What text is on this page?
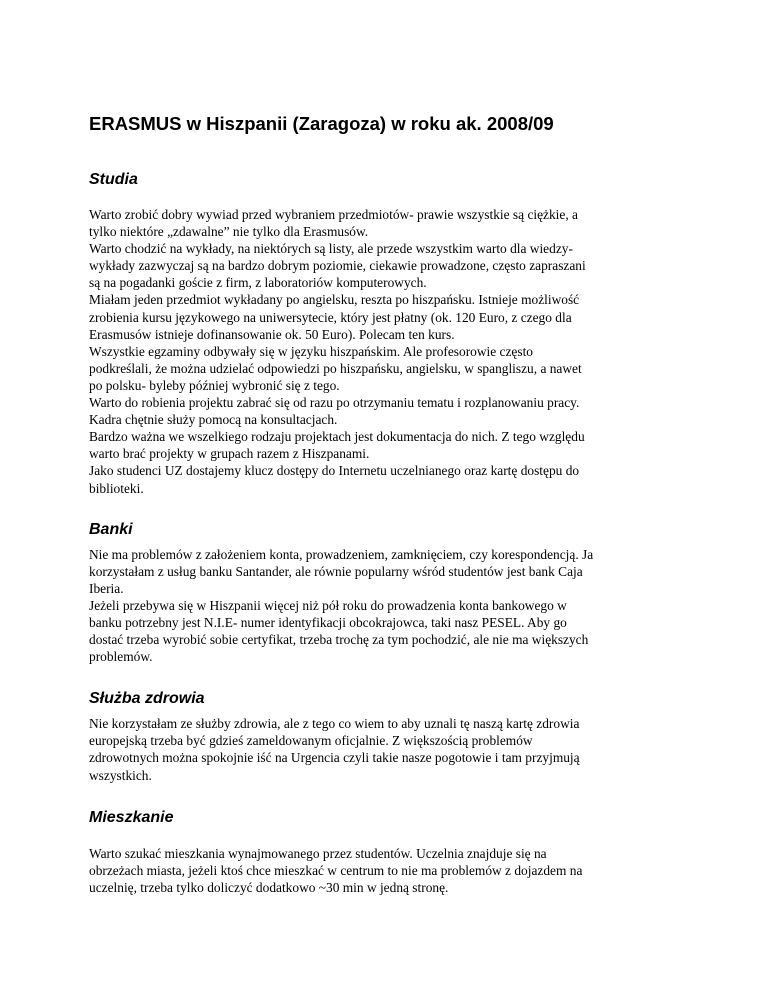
ERASMUS w Hiszpanii (Zaragoza) w roku ak. 2008/09
Studia

Warto zrobić dobry wywiad przed wybraniem przedmiotów- prawie wszystkie są ciężkie, a
tylko niektóre „zdawalne” nie tylko dla Erasmusów.
Warto chodzić na wykłady, na niektórych są listy, ale przede wszystkim warto dla wiedzy-
wykłady zazwyczaj są na bardzo dobrym poziomie, ciekawie prowadzone, często zapraszani
są na pogadanki goście z firm, z laboratoriów komputerowych.
Miałam jeden przedmiot wykładany po angielsku, reszta po hiszpańsku. Istnieje możliwość
zrobienia kursu językowego na uniwersytecie, który jest płatny (ok. 120 Euro, z czego dla
Erasmusów istnieje dofinansowanie ok. 50 Euro). Polecam ten kurs.
Wszystkie egzaminy odbywały się w języku hiszpańskim. Ale profesorowie często
podkreślali, że można udzielać odpowiedzi po hiszpańsku, angielsku, w spangliszu, a nawet
po polsku- byleby później wybronić się z tego.
Warto do robienia projektu zabrać się od razu po otrzymaniu tematu i rozplanowaniu pracy.
Kadra chętnie służy pomocą na konsultacjach.
Bardzo ważna we wszelkiego rodzaju projektach jest dokumentacja do nich. Z tego względu
warto brać projekty w grupach razem z Hiszpanami.
Jako studenci UZ dostajemy klucz dostępy do Internetu uczelnianego oraz kartę dostępu do
biblioteki.

Banki

Nie ma problemów z założeniem konta, prowadzeniem, zamknięciem, czy korespondencją. Ja
korzystałam z usług banku Santander, ale równie popularny wśród studentów jest bank Caja
Iberia.
Jeżeli przebywa się w Hiszpanii więcej niż pół roku do prowadzenia konta bankowego w
banku potrzebny jest N.I.E- numer identyfikacji obcokrajowca, taki nasz PESEL. Aby go
dostać trzeba wyrobić sobie certyfikat, trzeba trochę za tym pochodzić, ale nie ma większych
problemów.

Służba zdrowia

Nie korzystałam ze służby zdrowia, ale z tego co wiem to aby uznali tę naszą kartę zdrowia
europejską trzeba być gdzieś zameldowanym oficjalnie. Z większością problemów
zdrowotnych można spokojnie iść na Urgencia czyli takie nasze pogotowie i tam przyjmują
wszystkich.

Mieszkanie

Warto szukać mieszkania wynajmowanego przez studentów. Uczelnia znajduje się na
obrzeżach miasta, jeżeli ktoś chce mieszkać w centrum to nie ma problemów z dojazdem na
uczelnię, trzeba tylko doliczyć dodatkowo ~30 min w jedną stronę.
